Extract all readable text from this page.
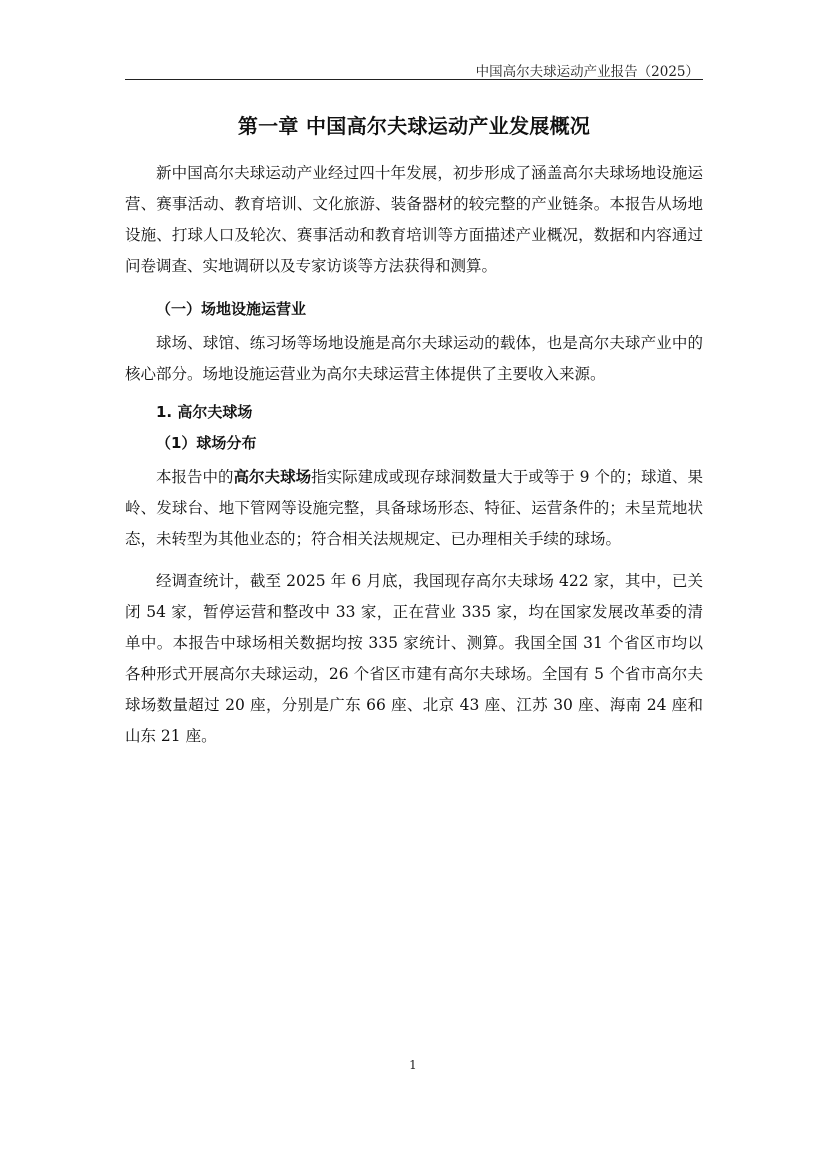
中国高尔夫球运动产业报告（2025）
第一章 中国高尔夫球运动产业发展概况

新中国高尔夫球运动产业经过四十年发展，初步形成了涵盖高尔夫球场地设施运营、赛事活动、教育培训、文化旅游、装备器材的较完整的产业链条。本报告从场地设施、打球人口及轮次、赛事活动和教育培训等方面描述产业概况，数据和内容通过问卷调查、实地调研以及专家访谈等方法获得和测算。

（一）场地设施运营业

球场、球馆、练习场等场地设施是高尔夫球运动的载体，也是高尔夫球产业中的核心部分。场地设施运营业为高尔夫球运营主体提供了主要收入来源。

1. 高尔夫球场
（1）球场分布

本报告中的高尔夫球场指实际建成或现存球洞数量大于或等于 9 个的；球道、果岭、发球台、地下管网等设施完整，具备球场形态、特征、运营条件的；未呈荒地状态，未转型为其他业态的；符合相关法规规定、已办理相关手续的球场。

经调查统计，截至 2025 年 6 月底，我国现存高尔夫球场 422 家，其中，已关闭 54 家，暂停运营和整改中 33 家，正在营业 335 家，均在国家发展改革委的清单中。本报告中球场相关数据均按 335 家统计、测算。我国全国 31 个省区市均以各种形式开展高尔夫球运动，26 个省区市建有高尔夫球场。全国有 5 个省市高尔夫球场数量超过 20 座，分别是广东 66 座、北京 43 座、江苏 30 座、海南 24 座和山东 21 座。

1
